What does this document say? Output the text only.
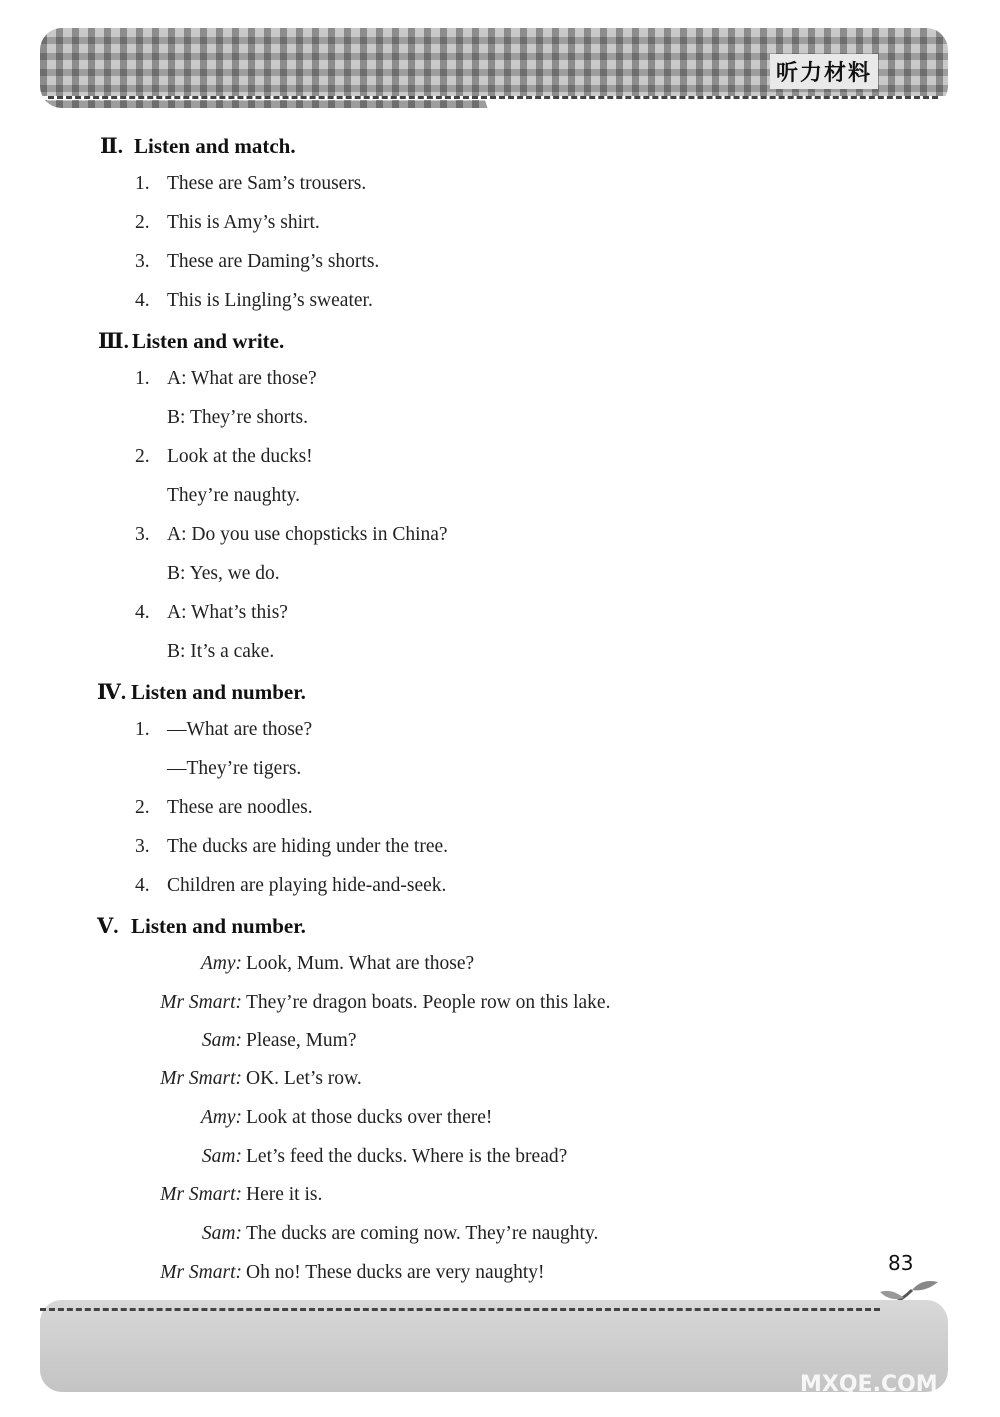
听力材料
Ⅱ. Listen and match.
1. These are Sam’s trousers.
2. This is Amy’s shirt.
3. These are Daming’s shorts.
4. This is Lingling’s sweater.
Ⅲ. Listen and write.
1. A: What are those?
B: They’re shorts.
2. Look at the ducks!
They’re naughty.
3. A: Do you use chopsticks in China?
B: Yes, we do.
4. A: What’s this?
B: It’s a cake.
Ⅳ. Listen and number.
1. —What are those?
—They’re tigers.
2. These are noodles.
3. The ducks are hiding under the tree.
4. Children are playing hide-and-seek.
Ⅴ. Listen and number.
Amy: Look, Mum. What are those?
Mr Smart: They’re dragon boats. People row on this lake.
Sam: Please, Mum?
Mr Smart: OK. Let’s row.
Amy: Look at those ducks over there!
Sam: Let’s feed the ducks. Where is the bread?
Mr Smart: Here it is.
Sam: The ducks are coming now. They’re naughty.
Mr Smart: Oh no! These ducks are very naughty!	83
MXQE.COM
